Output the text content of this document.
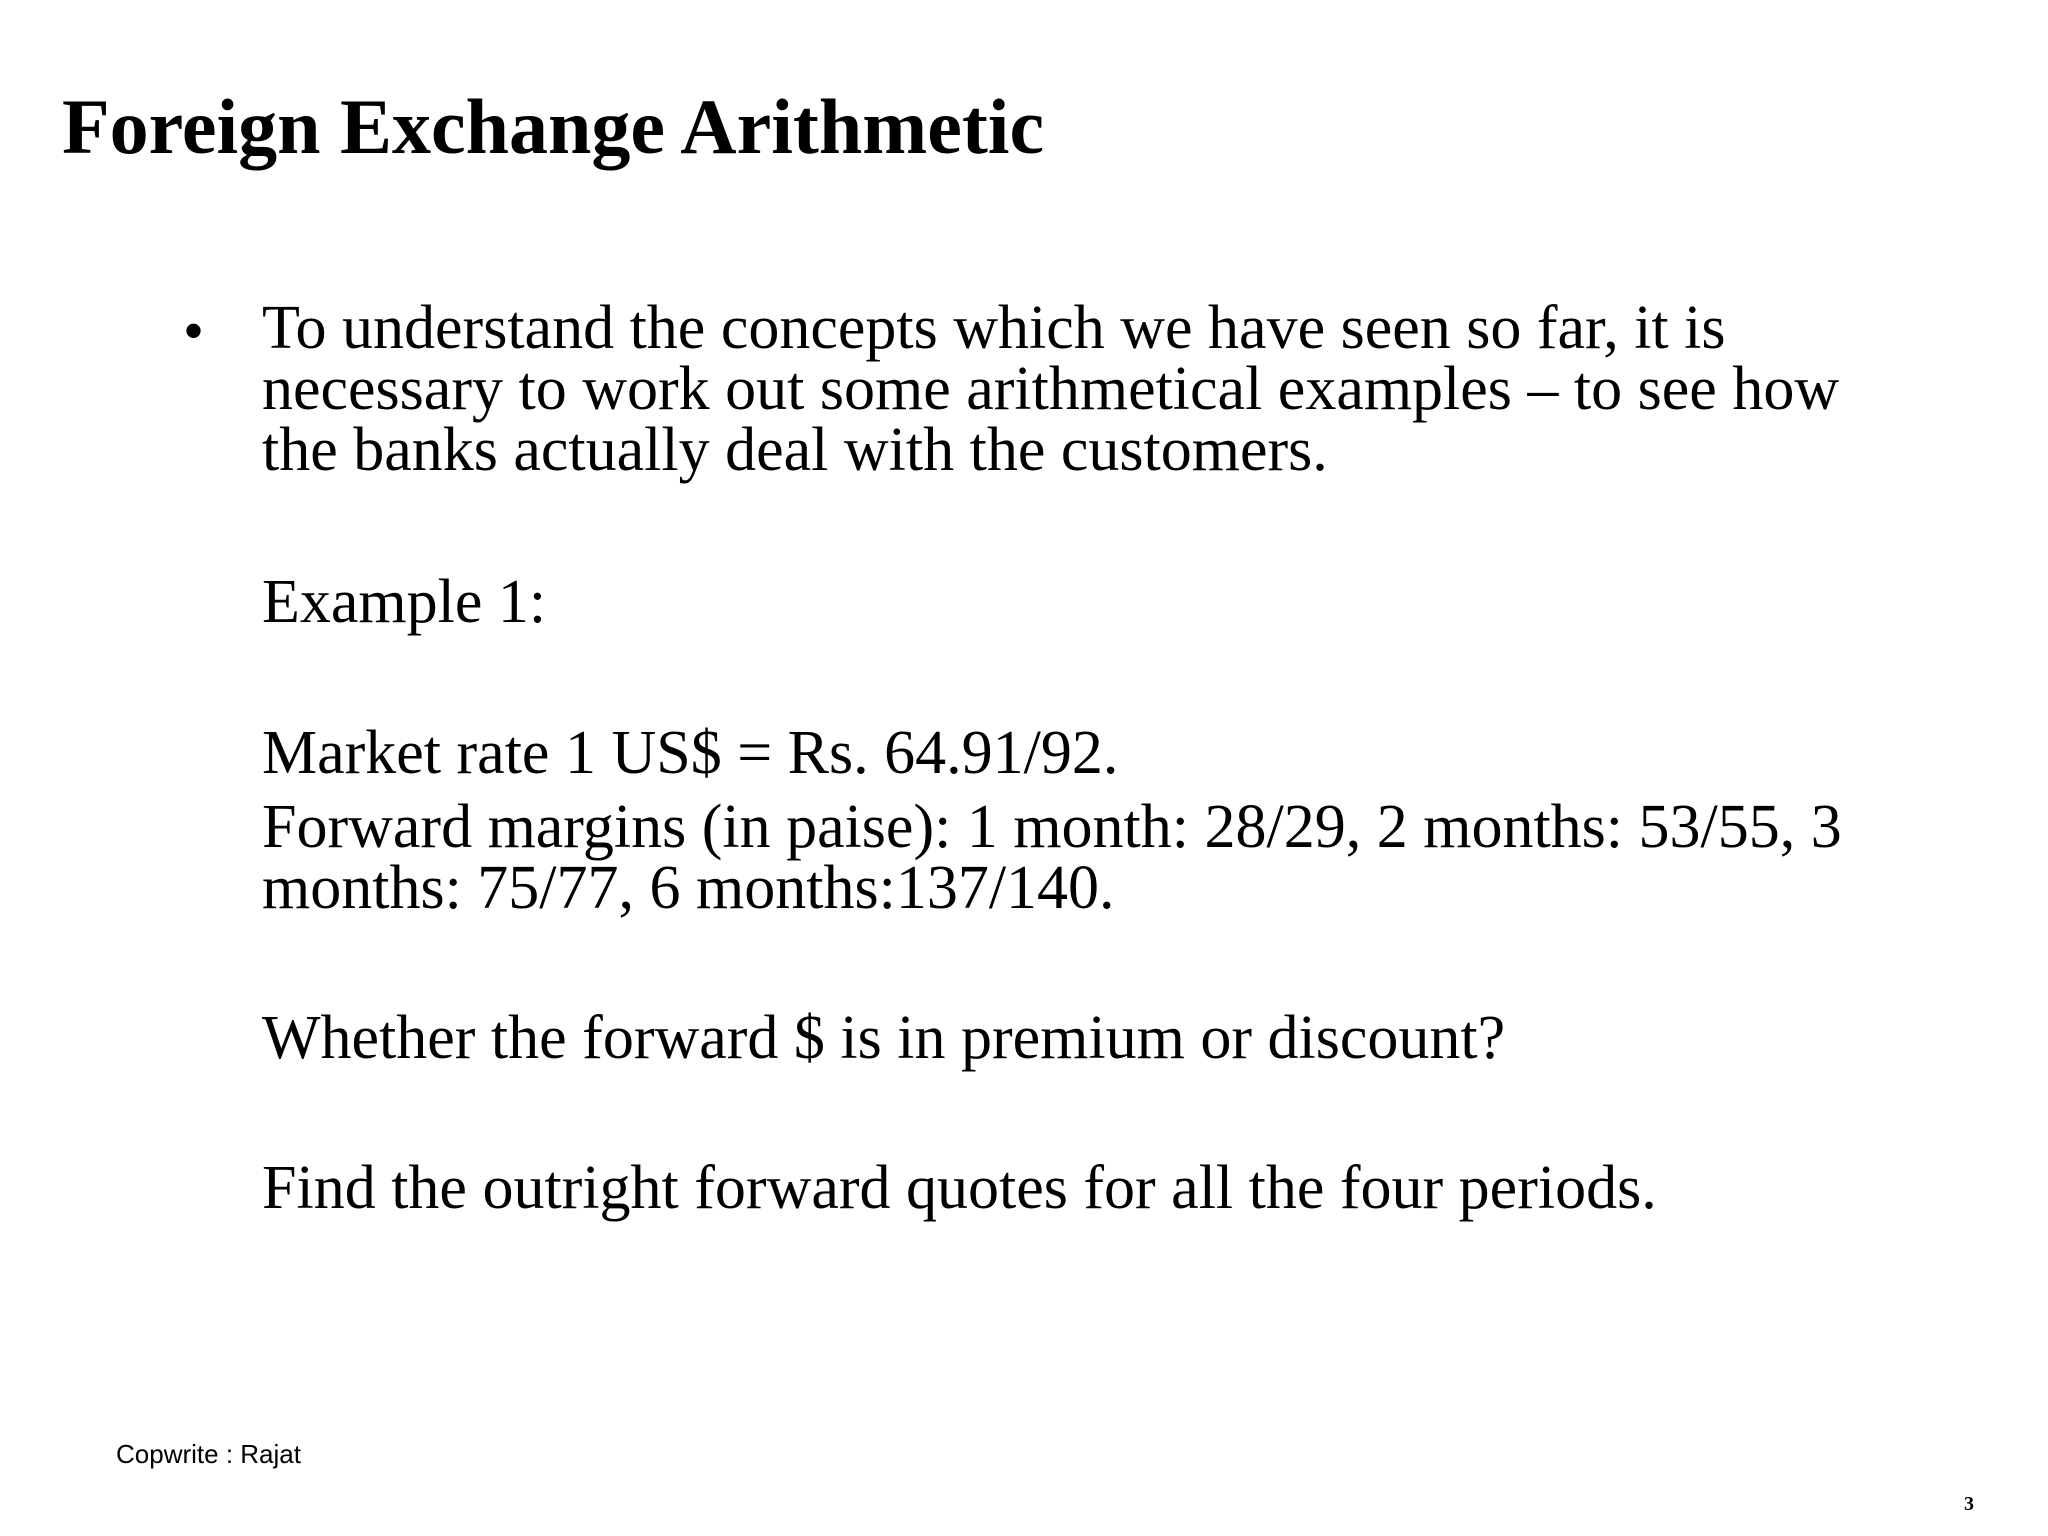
Foreign Exchange Arithmetic
• To understand the concepts which we have seen so far, it is necessary to work out some arithmetical examples – to see how the banks actually deal with the customers.

Example 1:

Market rate 1 US$ = Rs. 64.91/92.

Forward margins (in paise): 1 month: 28/29, 2 months: 53/55, 3 months: 75/77, 6 months:137/140.

Whether the forward $ is in premium or discount?

Find the outright forward quotes for all the four periods.

Copwrite : Rajat
3
